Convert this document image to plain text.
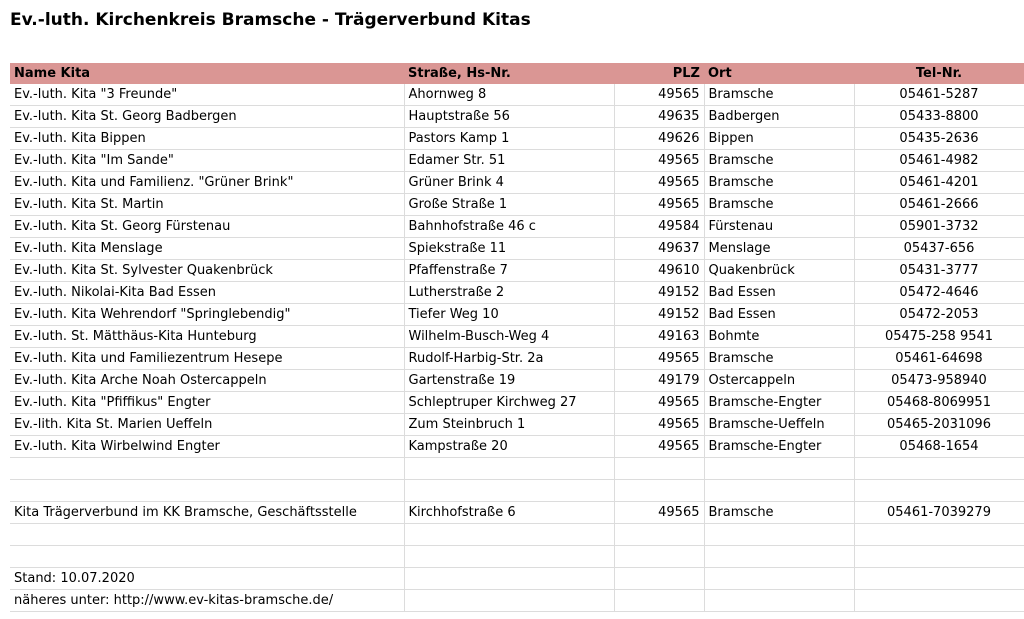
Ev.-luth. Kirchenkreis Bramsche - Trägerverbund Kitas
Name Kita	Straße, Hs-Nr.	PLZ	Ort	Tel-Nr.
Ev.-luth. Kita "3 Freunde"	Ahornweg 8	49565	Bramsche	05461-5287
Ev.-luth. Kita St. Georg Badbergen	Hauptstraße 56	49635	Badbergen	05433-8800
Ev.-luth. Kita Bippen	Pastors Kamp 1	49626	Bippen	05435-2636
Ev.-luth. Kita "Im Sande"	Edamer Str. 51	49565	Bramsche	05461-4982
Ev.-luth. Kita und Familienz. "Grüner Brink"	Grüner Brink 4	49565	Bramsche	05461-4201
Ev.-luth. Kita St. Martin	Große Straße 1	49565	Bramsche	05461-2666
Ev.-luth. Kita St. Georg Fürstenau	Bahnhofstraße 46 c	49584	Fürstenau	05901-3732
Ev.-luth. Kita Menslage	Spiekstraße 11	49637	Menslage	05437-656
Ev.-luth. Kita St. Sylvester Quakenbrück	Pfaffenstraße 7	49610	Quakenbrück	05431-3777
Ev.-luth. Nikolai-Kita Bad Essen	Lutherstraße 2	49152	Bad Essen	05472-4646
Ev.-luth. Kita Wehrendorf "Springlebendig"	Tiefer Weg 10	49152	Bad Essen	05472-2053
Ev.-luth. St. Mätthäus-Kita Hunteburg	Wilhelm-Busch-Weg 4	49163	Bohmte	05475-258 9541
Ev.-luth. Kita und Familiezentrum Hesepe	Rudolf-Harbig-Str. 2a	49565	Bramsche	05461-64698
Ev.-luth. Kita Arche Noah Ostercappeln	Gartenstraße 19	49179	Ostercappeln	05473-958940
Ev.-luth. Kita "Pfiffikus" Engter	Schleptruper Kirchweg 27	49565	Bramsche-Engter	05468-8069951
Ev.-lith. Kita St. Marien Ueffeln	Zum Steinbruch 1	49565	Bramsche-Ueffeln	05465-2031096
Ev.-luth. Kita Wirbelwind Engter	Kampstraße 20	49565	Bramsche-Engter	05468-1654

Kita Trägerverbund im KK Bramsche, Geschäftsstelle	Kirchhofstraße 6	49565	Bramsche	05461-7039279

Stand: 10.07.2020				
näheres unter: http://www.ev-kitas-bramsche.de/				
